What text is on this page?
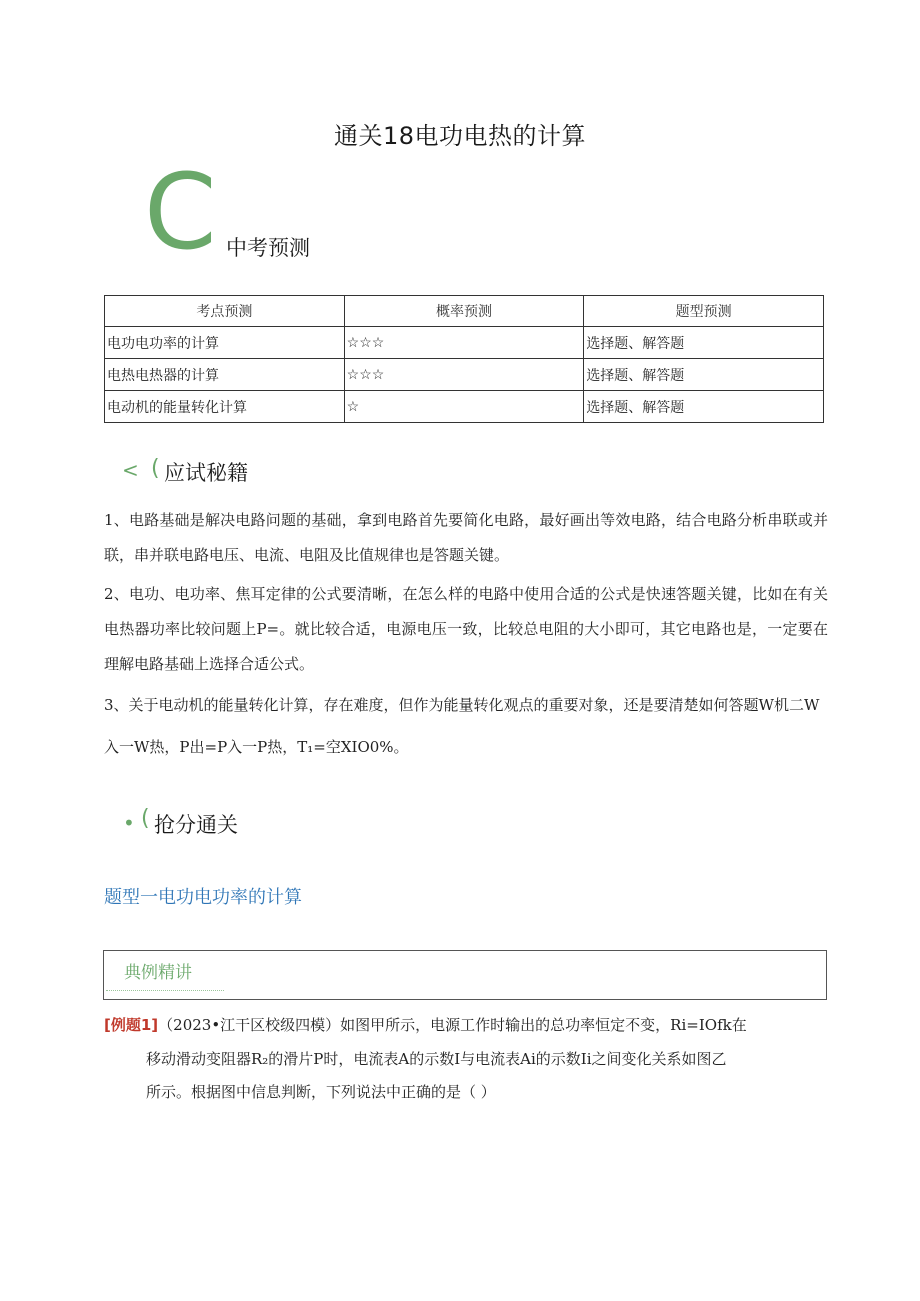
通关18电功电热的计算
C 中考预测
考点预测	概率预测	题型预测
电功电功率的计算	☆☆☆	选择题、解答题
电热电热器的计算	☆☆☆	选择题、解答题
电动机的能量转化计算	☆	选择题、解答题
< ( 应试秘籍
1、电路基础是解决电路问题的基础，拿到电路首先要简化电路，最好画出等效电路，结合电路分析串联或并联，串并联电路电压、电流、电阻及比值规律也是答题关键。
2、电功、电功率、焦耳定律的公式要清晰，在怎么样的电路中使用合适的公式是快速答题关键，比如在有关电热器功率比较问题上P=。就比较合适，电源电压一致，比较总电阻的大小即可，其它电路也是，一定要在理解电路基础上选择合适公式。
3、关于电动机的能量转化计算，存在难度，但作为能量转化观点的重要对象，还是要清楚如何答题W机二W
入一W热，P出=P入一P热，T₁=空XIO0%。
• ( 抢分通关
题型一电功电功率的计算
典例精讲
[例题1]（2023•江干区校级四模）如图甲所示，电源工作时输出的总功率恒定不变，Ri=IOfk在
移动滑动变阻器R₂的滑片P时，电流表A的示数I与电流表Ai的示数Ii之间变化关系如图乙
所示。根据图中信息判断，下列说法中正确的是（ ）
